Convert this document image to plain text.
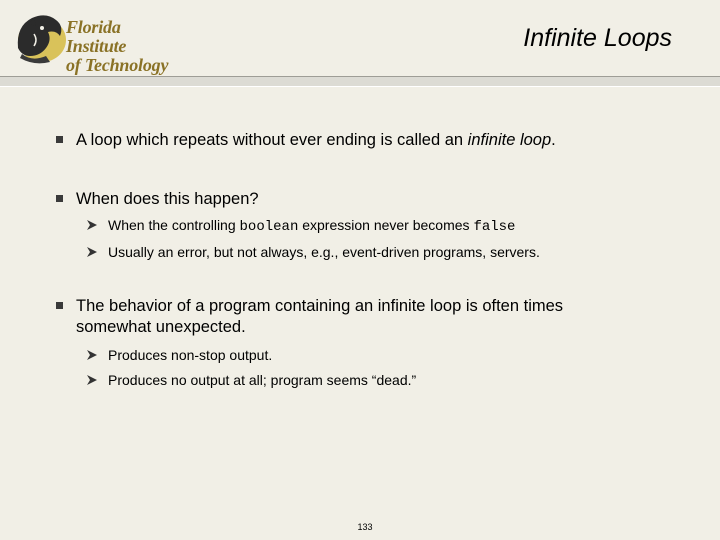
Florida Institute
of Technology
Infinite Loops
A loop which repeats without ever ending is called an infinite loop.
When does this happen?
When the controlling boolean expression never becomes false
Usually an error, but not always, e.g., event-driven programs, servers.
The behavior of a program containing an infinite loop is often times
somewhat unexpected.
Produces non-stop output.
Produces no output at all; program seems “dead.”
133
